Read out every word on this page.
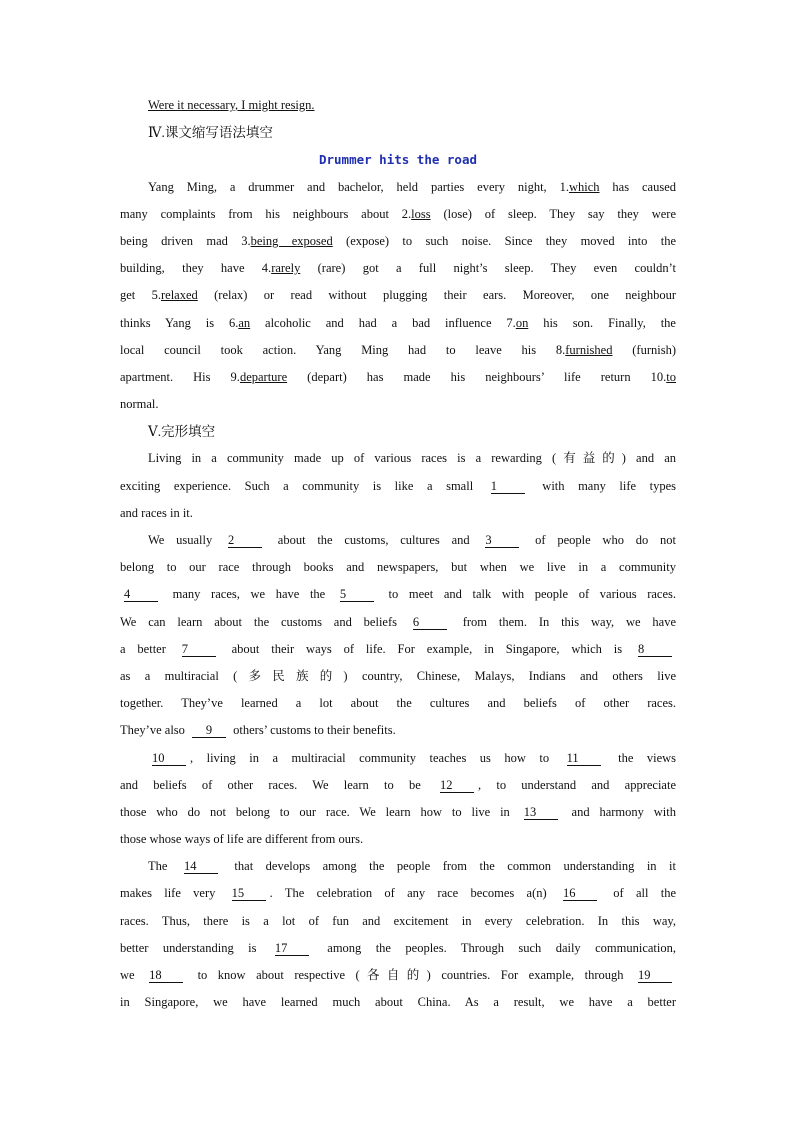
Were it necessary, I might resign.
Ⅳ.课文缩写语法填空
Drummer hits the road
Yang Ming, a drummer and bachelor, held parties every night, 1.which has caused
many complaints from his neighbours about 2.loss (lose) of sleep. They say they were
being driven mad 3.being exposed (expose) to such noise. Since they moved into the
building, they have 4.rarely (rare) got a full night’s sleep. They even couldn’t
get 5.relaxed (relax) or read without plugging their ears. Moreover, one neighbour
thinks Yang is 6.an alcoholic and had a bad influence 7.on his son. Finally, the
local council took action. Yang Ming had to leave his 8.furnished (furnish)
apartment. His 9.departure (depart) has made his neighbours’ life return 10.to
normal.
Ⅴ.完形填空
Living in a community made up of various races is a rewarding (有益的) and an
exciting experience. Such a community is like a small 1	with many life types
and races in it.
We usually 2	about the customs, cultures and 3	of people who do not
belong to our race through books and newspapers, but when we live in a community
4	many races, we have the 5	to meet and talk with people of various races.
We can learn about the customs and beliefs 6	from them. In this way, we have
a better 7	about their ways of life. For example, in Singapore, which is 8
as a multiracial (多民族的) country, Chinese, Malays, Indians and others live
together. They’ve learned a lot about the cultures and beliefs of other races.
They’ve also 9 others’ customs to their benefits.
10 , living in a multiracial community teaches us how to 11 the views
and beliefs of other races. We learn to be 12 , to understand and appreciate
those who do not belong to our race. We learn how to live in 13 and harmony with
those whose ways of life are different from ours.
The 14 that develops among the people from the common understanding in it
makes life very 15 . The celebration of any race becomes a(n) 16 of all the
races. Thus, there is a lot of fun and excitement in every celebration. In this way,
better understanding is 17 among the peoples. Through such daily communication,
we 18 to know about respective (各自的) countries. For example, through 19
in Singapore, we have learned much about China. As a result, we have a better
